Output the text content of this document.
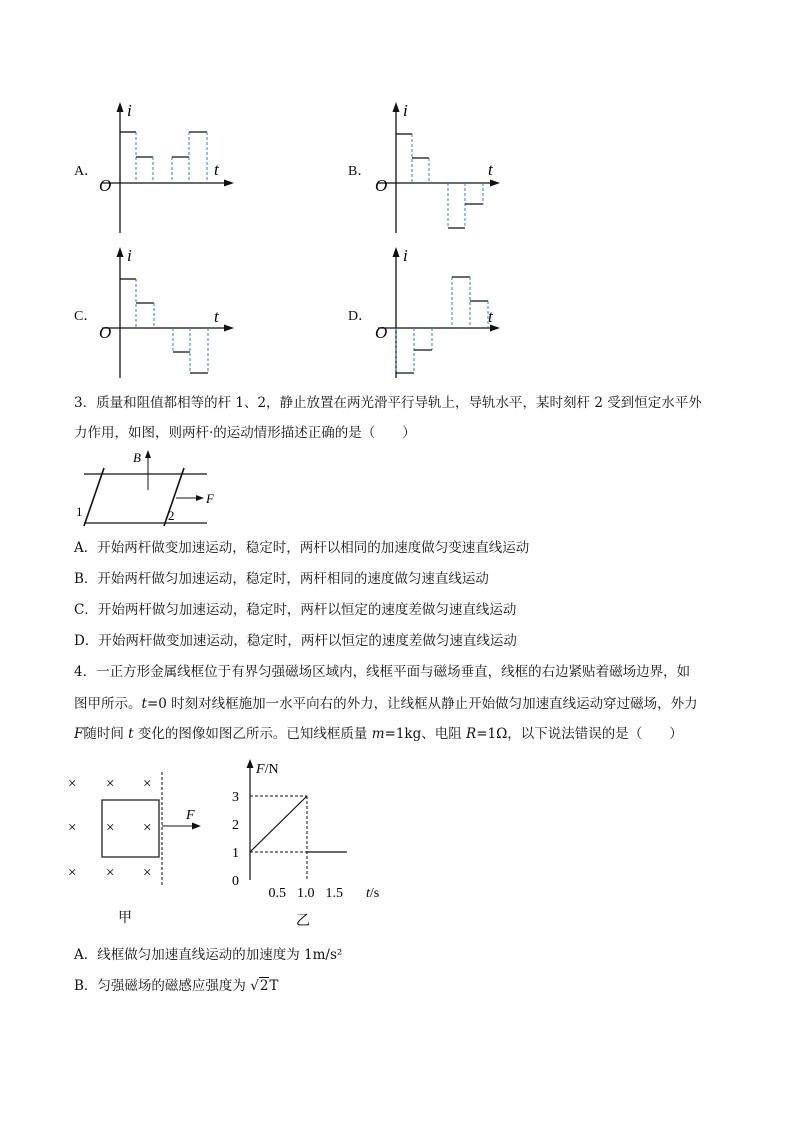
A．
i
t
O
B．
i
t
O
C．
i
t
O
D．
i
t
O
3．质量和阻值都相等的杆 1、2，静止放置在两光滑平行导轨上，导轨水平，某时刻杆 2 受到恒定水平外
力作用，如图，则两杆·的运动情形描述正确的是（　　）
B
F
1	2
A．开始两杆做变加速运动，稳定时，两杆以相同的加速度做匀变速直线运动
B．开始两杆做匀加速运动，稳定时，两杆相同的速度做匀速直线运动
C．开始两杆做匀加速运动，稳定时，两杆以恒定的速度差做匀速直线运动
D．开始两杆做变加速运动，稳定时，两杆以恒定的速度差做匀速直线运动
4．一正方形金属线框位于有界匀强磁场区域内，线框平面与磁场垂直，线框的右边紧贴着磁场边界，如
图甲所示。t=0 时刻对线框施加一水平向右的外力，让线框从静止开始做匀加速直线运动穿过磁场，外力
F随时间 t 变化的图像如图乙所示。已知线框质量 m=1kg、电阻 R=1Ω，以下说法错误的是（　　）
× × ×
× × ×
× × ×
F
甲
F/N
t/s
0
1
2
3
0.5 1.0 1.5
乙
A．线框做匀加速直线运动的加速度为 1m/s²
B．匀强磁场的磁感应强度为 √2T
